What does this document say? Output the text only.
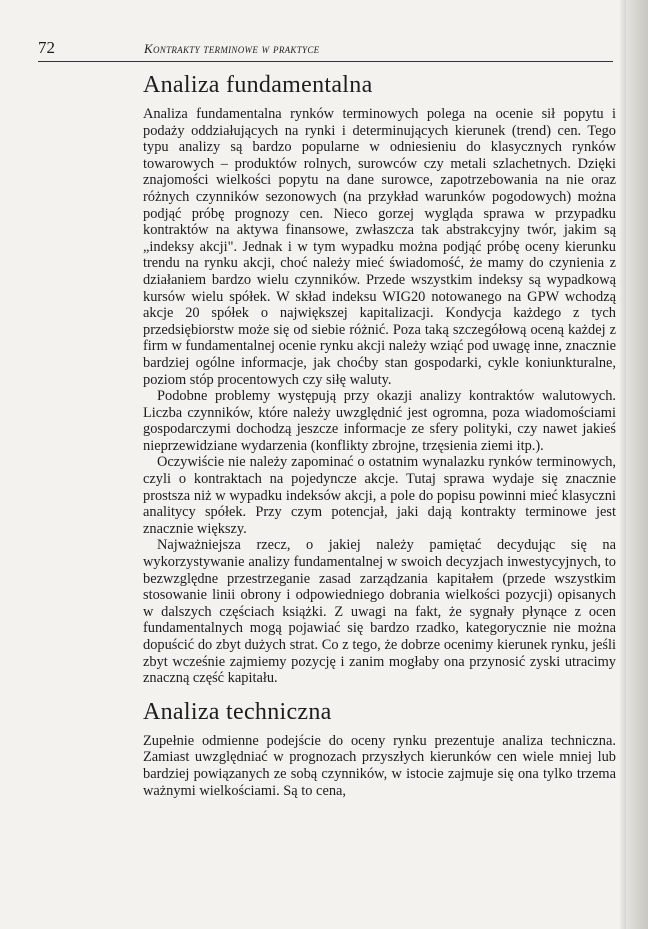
72	Kontrakty terminowe w praktyce
Analiza fundamentalna

Analiza fundamentalna rynków terminowych polega na ocenie sił popytu i podaży oddziałujących na rynki i determinujących kierunek (trend) cen. Tego typu analizy są bardzo popularne w odniesieniu do klasycznych rynków towarowych – produktów rolnych, surowców czy metali szlachetnych. Dzięki znajomości wielkości popytu na dane surowce, zapotrzebowania na nie oraz różnych czynników sezonowych (na przykład warunków pogodowych) można podjąć próbę prognozy cen. Nieco gorzej wygląda sprawa w przypadku kontraktów na aktywa finansowe, zwłaszcza tak abstrakcyjny twór, jakim są „indeksy akcji". Jednak i w tym wypadku można podjąć próbę oceny kierunku trendu na rynku akcji, choć należy mieć świadomość, że mamy do czynienia z działaniem bardzo wielu czynników. Przede wszystkim indeksy są wypadkową kursów wielu spółek. W skład indeksu WIG20 notowanego na GPW wchodzą akcje 20 spółek o największej kapitalizacji. Kondycja każdego z tych przedsiębiorstw może się od siebie różnić. Poza taką szczegółową oceną każdej z firm w fundamentalnej ocenie rynku akcji należy wziąć pod uwagę inne, znacznie bardziej ogólne informacje, jak choćby stan gospodarki, cykle koniunkturalne, poziom stóp procentowych czy siłę waluty.

Podobne problemy występują przy okazji analizy kontraktów walutowych. Liczba czynników, które należy uwzględnić jest ogromna, poza wiadomościami gospodarczymi dochodzą jeszcze informacje ze sfery polityki, czy nawet jakieś nieprzewidziane wydarzenia (konflikty zbrojne, trzęsienia ziemi itp.).

Oczywiście nie należy zapominać o ostatnim wynalazku rynków terminowych, czyli o kontraktach na pojedyncze akcje. Tutaj sprawa wydaje się znacznie prostsza niż w wypadku indeksów akcji, a pole do popisu powinni mieć klasyczni analitycy spółek. Przy czym potencjał, jaki dają kontrakty terminowe jest znacznie większy.

Najważniejsza rzecz, o jakiej należy pamiętać decydując się na wykorzystywanie analizy fundamentalnej w swoich decyzjach inwestycyjnych, to bezwzględne przestrzeganie zasad zarządzania kapitałem (przede wszystkim stosowanie linii obrony i odpowiedniego dobrania wielkości pozycji) opisanych w dalszych częściach książki. Z uwagi na fakt, że sygnały płynące z ocen fundamentalnych mogą pojawiać się bardzo rzadko, kategorycznie nie można dopuścić do zbyt dużych strat. Co z tego, że dobrze ocenimy kierunek rynku, jeśli zbyt wcześnie zajmiemy pozycję i zanim mogłaby ona przynosić zyski utracimy znaczną część kapitału.

Analiza techniczna

Zupełnie odmienne podejście do oceny rynku prezentuje analiza techniczna. Zamiast uwzględniać w prognozach przyszłych kierunków cen wiele mniej lub bardziej powiązanych ze sobą czynników, w istocie zajmuje się ona tylko trzema ważnymi wielkościami. Są to cena,
